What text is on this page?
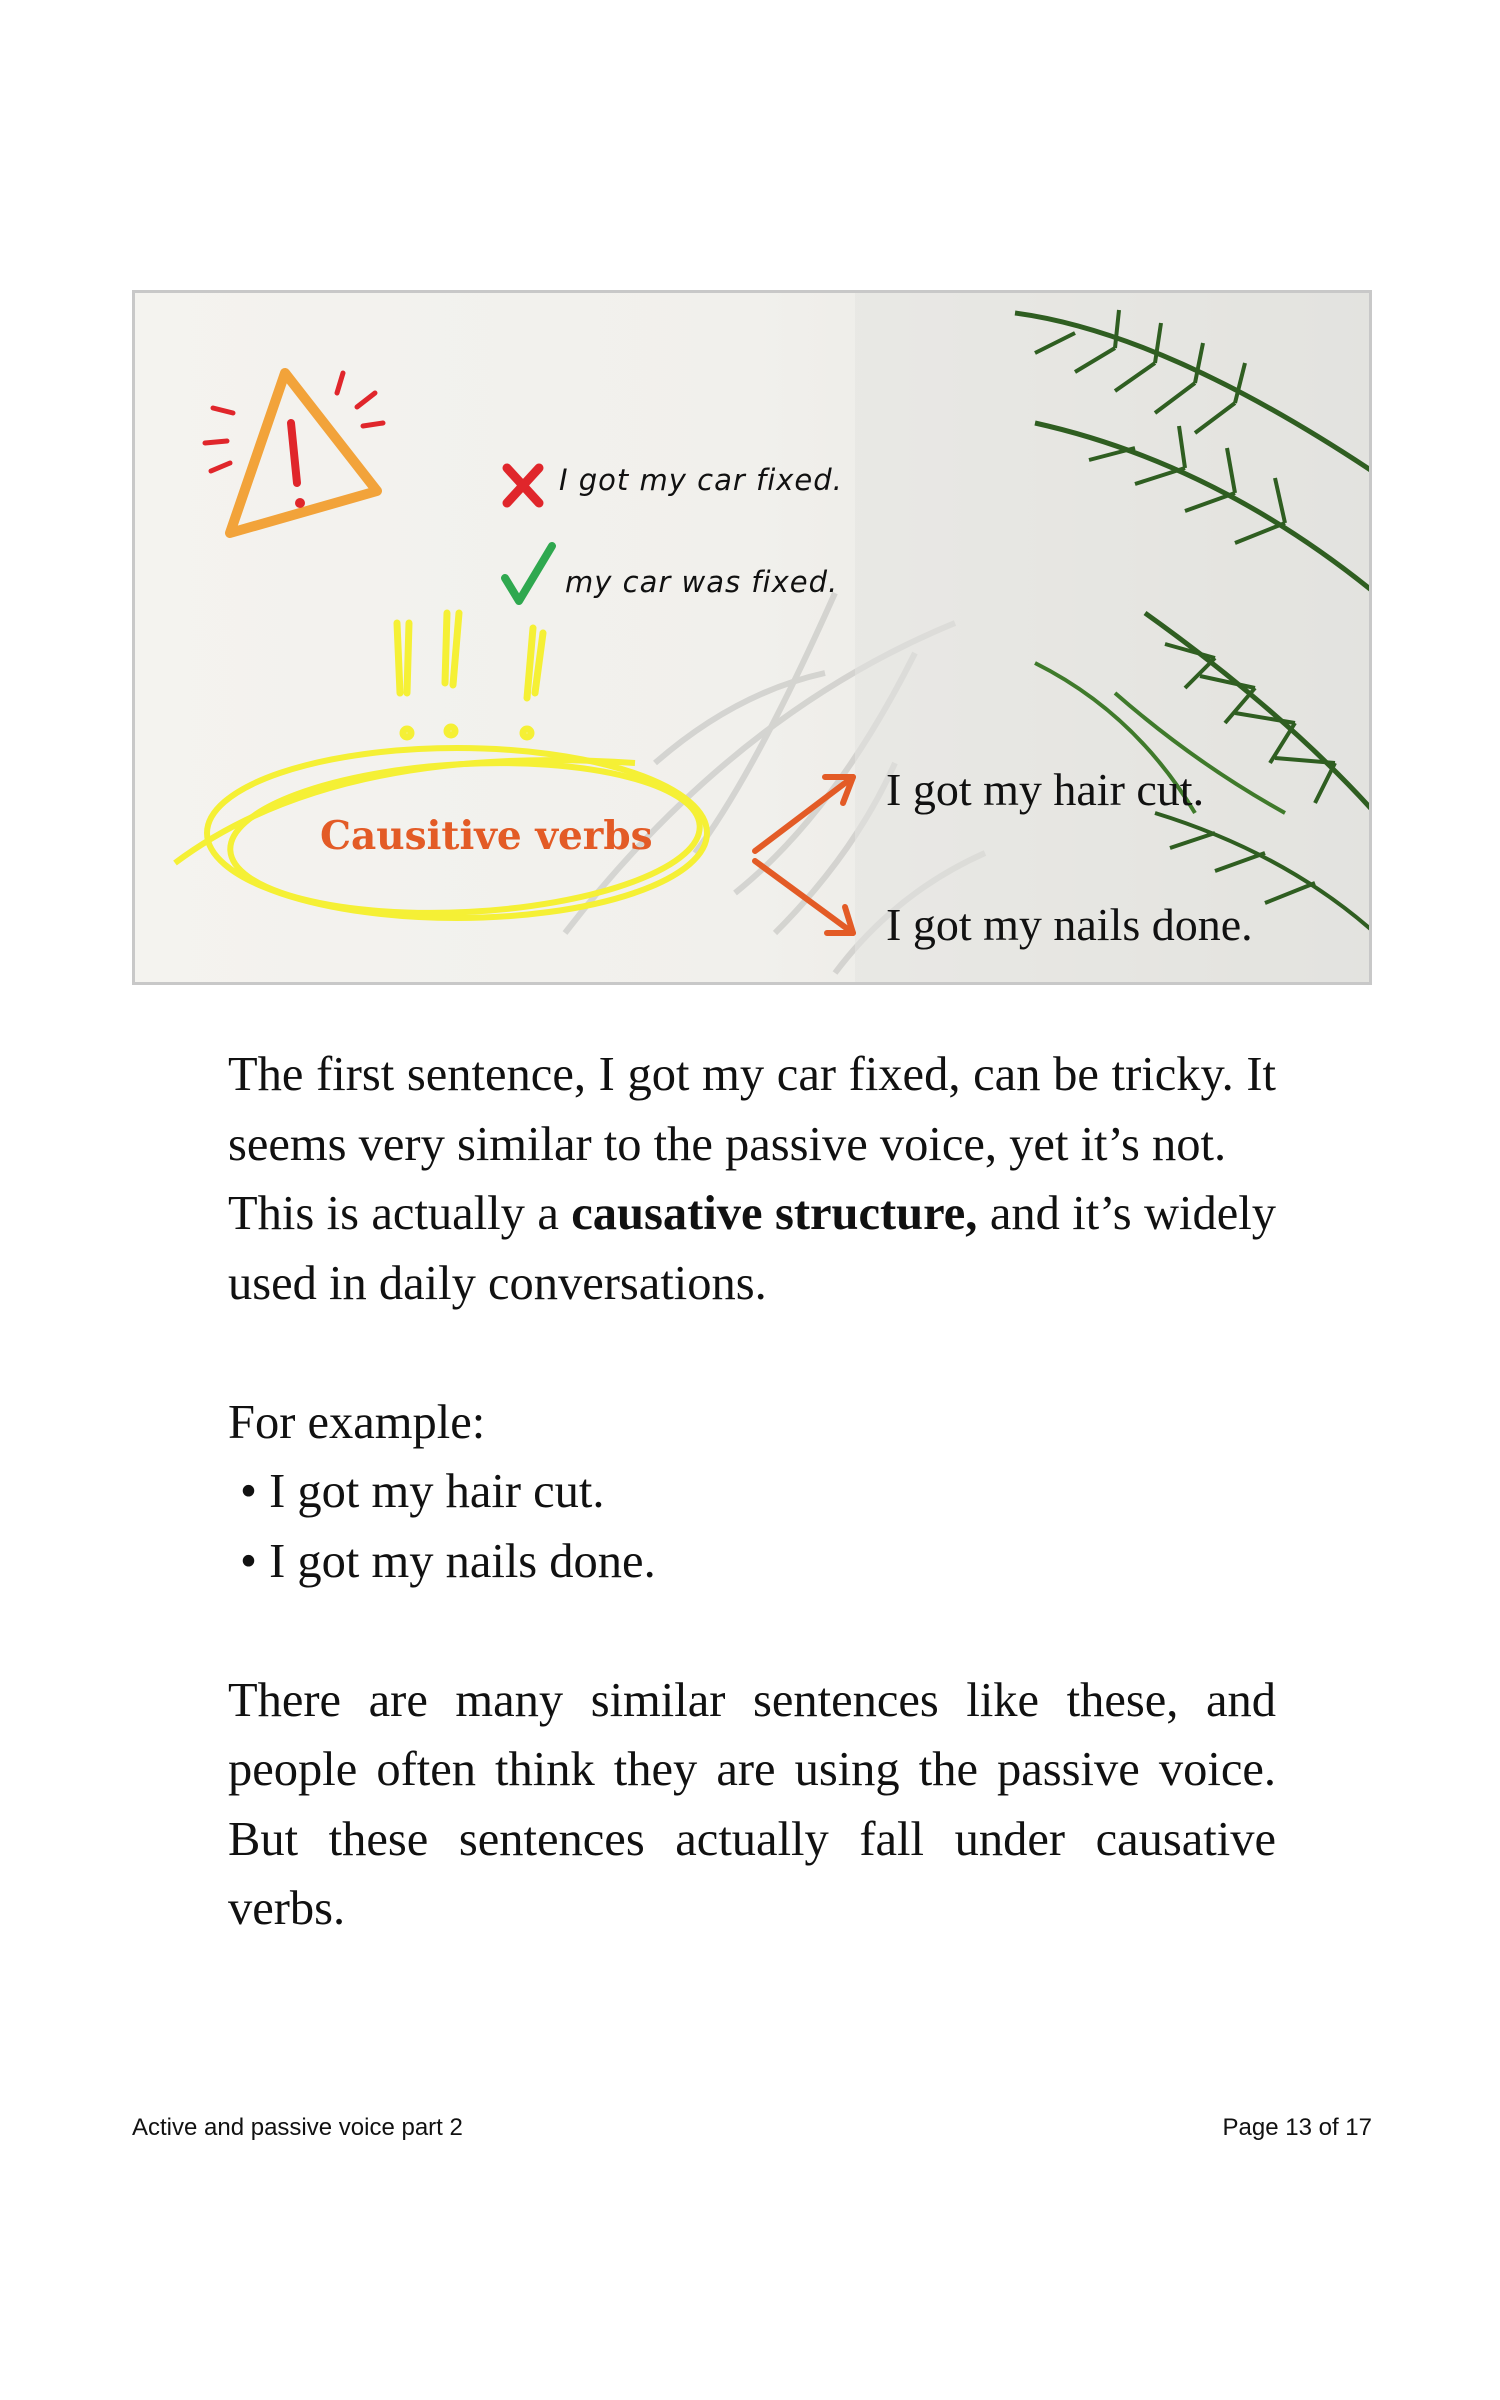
I got my car fixed.
my car was fixed.
Causitive verbs
I got my hair cut.
I got my nails done.

The first sentence, I got my car fixed, can be tricky. It seems very similar to the passive voice, yet it’s not.

This is actually a causative structure, and it’s widely used in daily conversations.

For example:

• I got my hair cut.
• I got my nails done.

There are many similar sentences like these, and people often think they are using the passive voice. But these sentences actually fall under causative verbs.

Active and passive voice part 2	Page 13 of 17
